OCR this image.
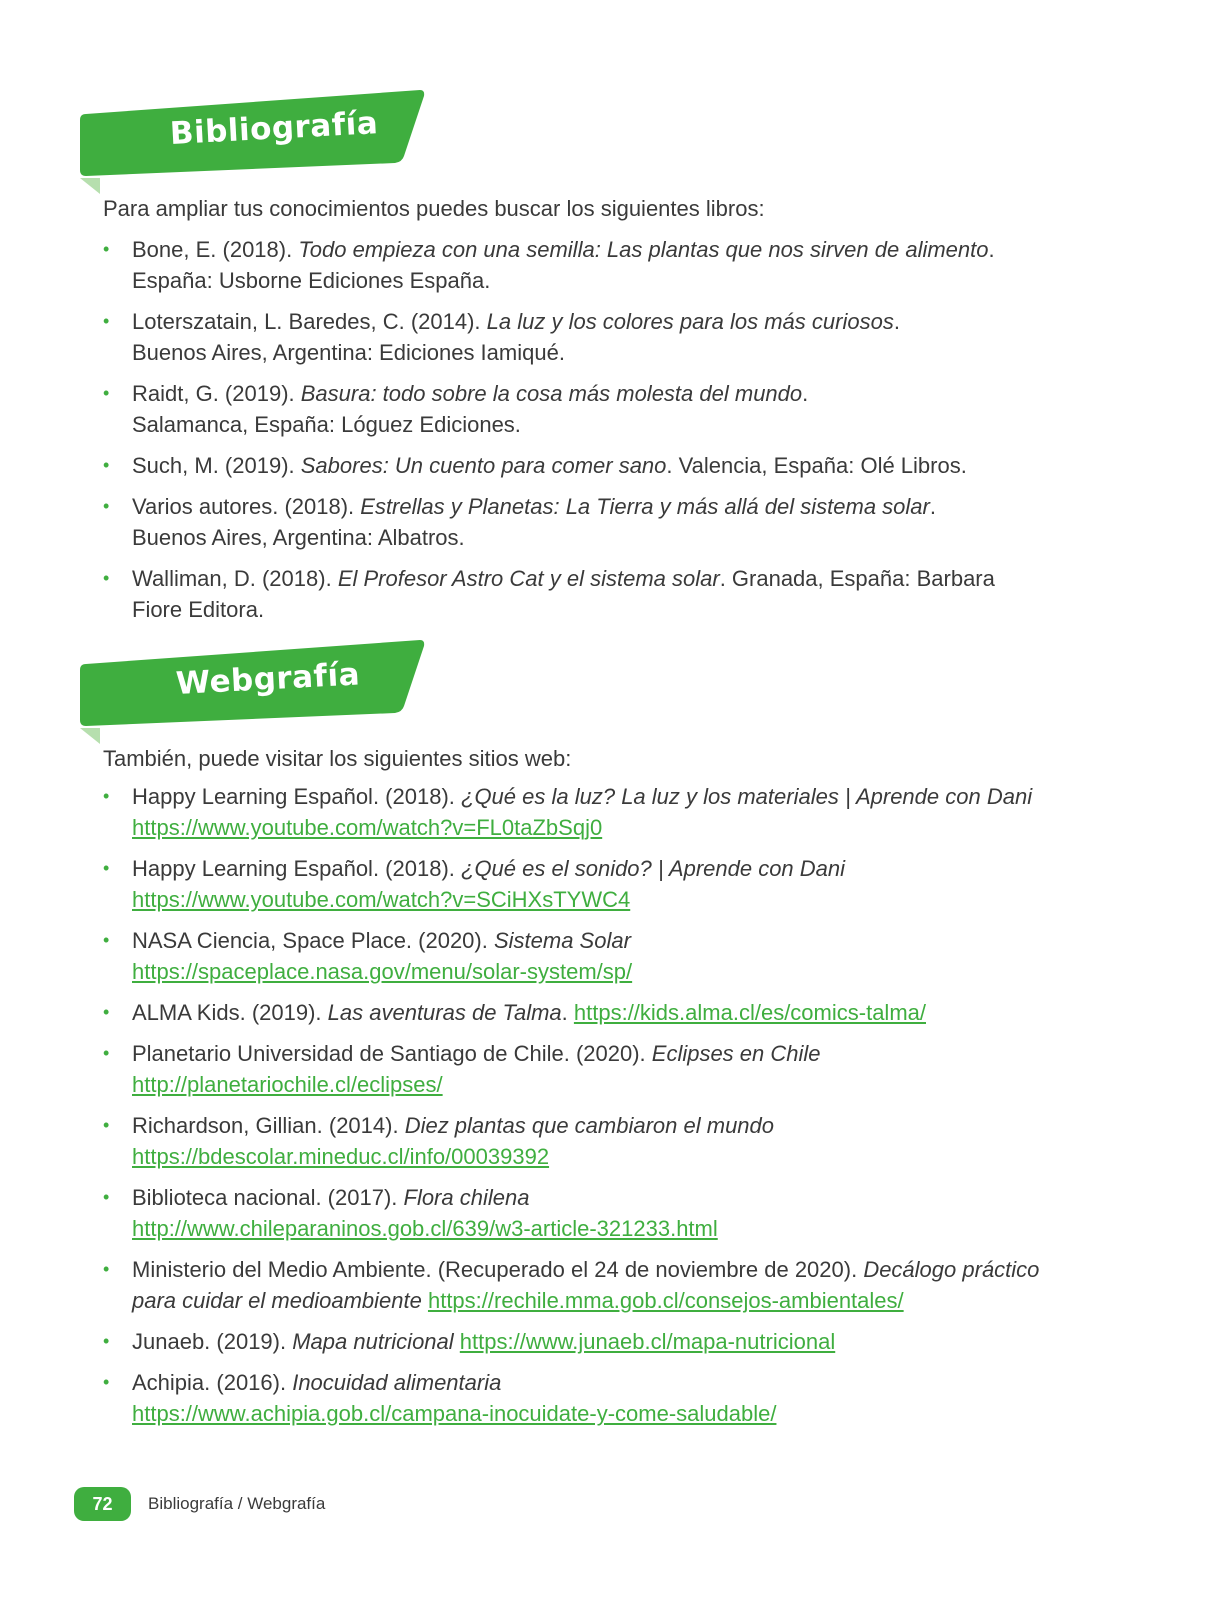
Bibliografía
Para ampliar tus conocimientos puedes buscar los siguientes libros:
• Bone, E. (2018). Todo empieza con una semilla: Las plantas que nos sirven de alimento.
España: Usborne Ediciones España.
• Loterszatain, L. Baredes, C. (2014). La luz y los colores para los más curiosos.
Buenos Aires, Argentina: Ediciones Iamiqué.
• Raidt, G. (2019). Basura: todo sobre la cosa más molesta del mundo.
Salamanca, España: Lóguez Ediciones.
• Such, M. (2019). Sabores: Un cuento para comer sano. Valencia, España: Olé Libros.
• Varios autores. (2018). Estrellas y Planetas: La Tierra y más allá del sistema solar.
Buenos Aires, Argentina: Albatros.
• Walliman, D. (2018). El Profesor Astro Cat y el sistema solar. Granada, España: Barbara
Fiore Editora.
Webgrafía
También, puede visitar los siguientes sitios web:
• Happy Learning Español. (2018). ¿Qué es la luz? La luz y los materiales | Aprende con Dani
https://www.youtube.com/watch?v=FL0taZbSqj0
• Happy Learning Español. (2018). ¿Qué es el sonido? | Aprende con Dani
https://www.youtube.com/watch?v=SCiHXsTYWC4
• NASA Ciencia, Space Place. (2020). Sistema Solar
https://spaceplace.nasa.gov/menu/solar-system/sp/
• ALMA Kids. (2019). Las aventuras de Talma. https://kids.alma.cl/es/comics-talma/
• Planetario Universidad de Santiago de Chile. (2020). Eclipses en Chile
http://planetariochile.cl/eclipses/
• Richardson, Gillian. (2014). Diez plantas que cambiaron el mundo
https://bdescolar.mineduc.cl/info/00039392
• Biblioteca nacional. (2017). Flora chilena
http://www.chileparaninos.gob.cl/639/w3-article-321233.html
• Ministerio del Medio Ambiente. (Recuperado el 24 de noviembre de 2020). Decálogo práctico
para cuidar el medioambiente https://rechile.mma.gob.cl/consejos-ambientales/
• Junaeb. (2019). Mapa nutricional https://www.junaeb.cl/mapa-nutricional
• Achipia. (2016). Inocuidad alimentaria
https://www.achipia.gob.cl/campana-inocuidate-y-come-saludable/
72	Bibliografía / Webgrafía
